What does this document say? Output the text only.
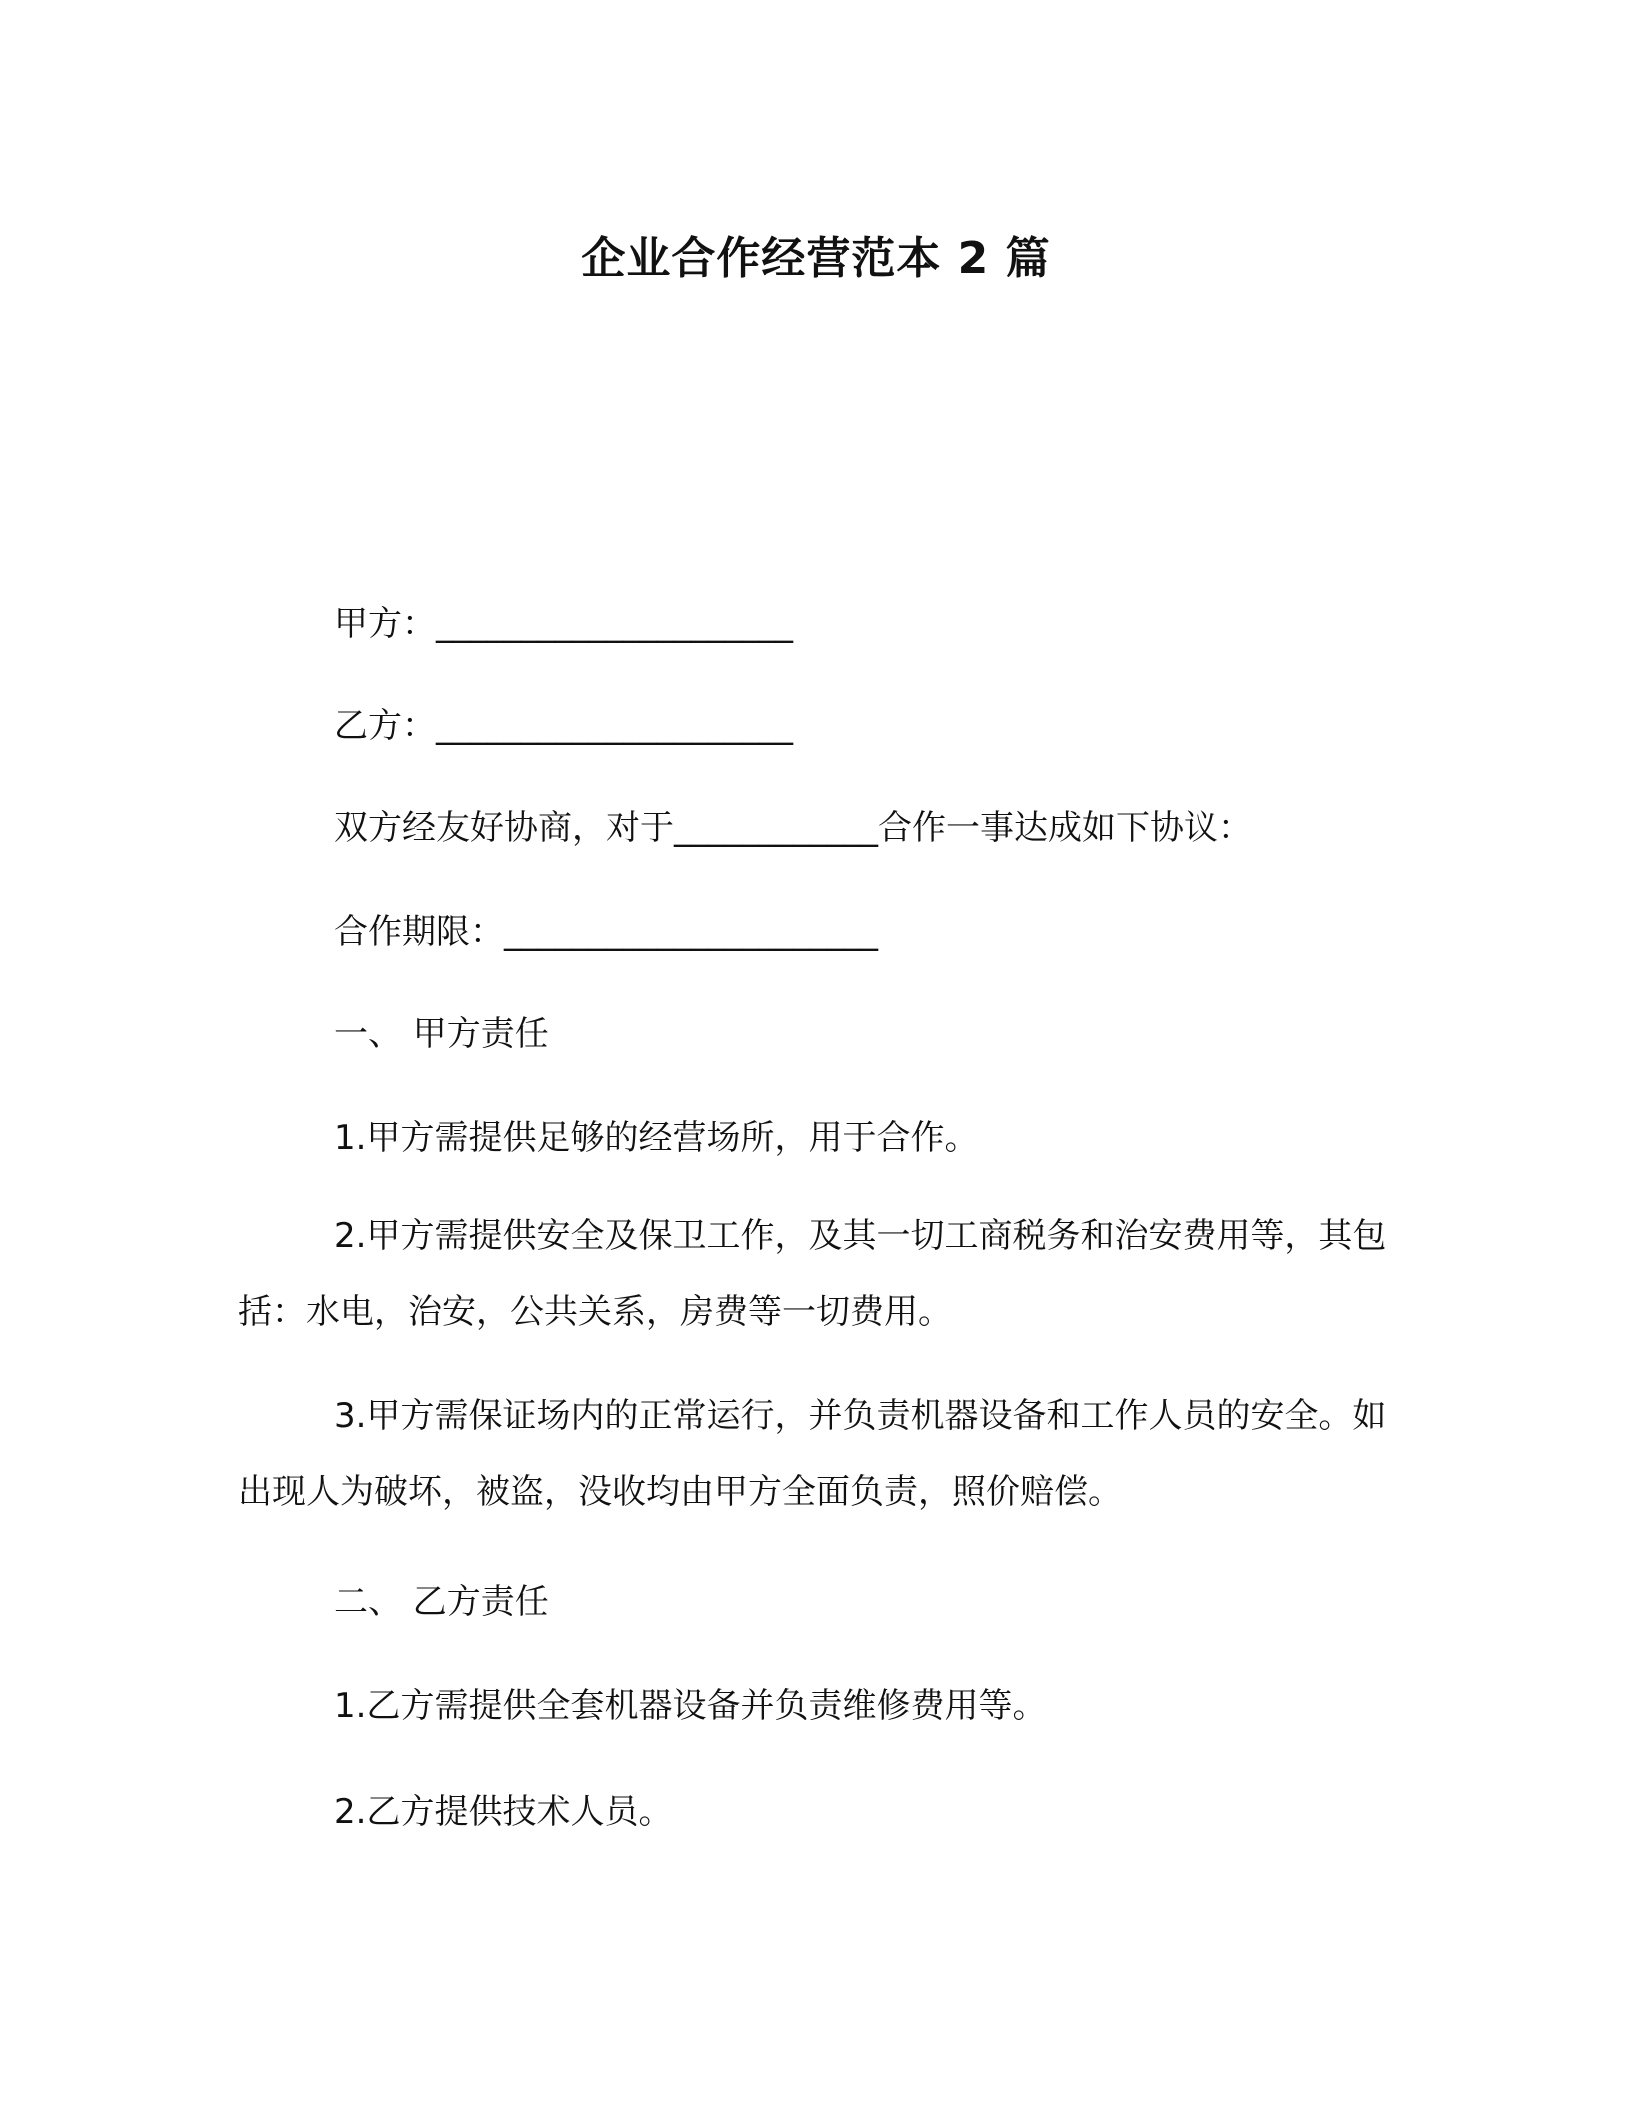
企业合作经营范本 2 篇
甲方：_____________________
乙方：_____________________
双方经友好协商，对于____________合作一事达成如下协议：
合作期限：______________________
一、 甲方责任
1.甲方需提供足够的经营场所，用于合作。
2.甲方需提供安全及保卫工作，及其一切工商税务和治安费用等，其包括：水电，治安，公共关系，房费等一切费用。
3.甲方需保证场内的正常运行，并负责机器设备和工作人员的安全。如出现人为破坏，被盗，没收均由甲方全面负责，照价赔偿。
二、 乙方责任
1.乙方需提供全套机器设备并负责维修费用等。
2.乙方提供技术人员。
